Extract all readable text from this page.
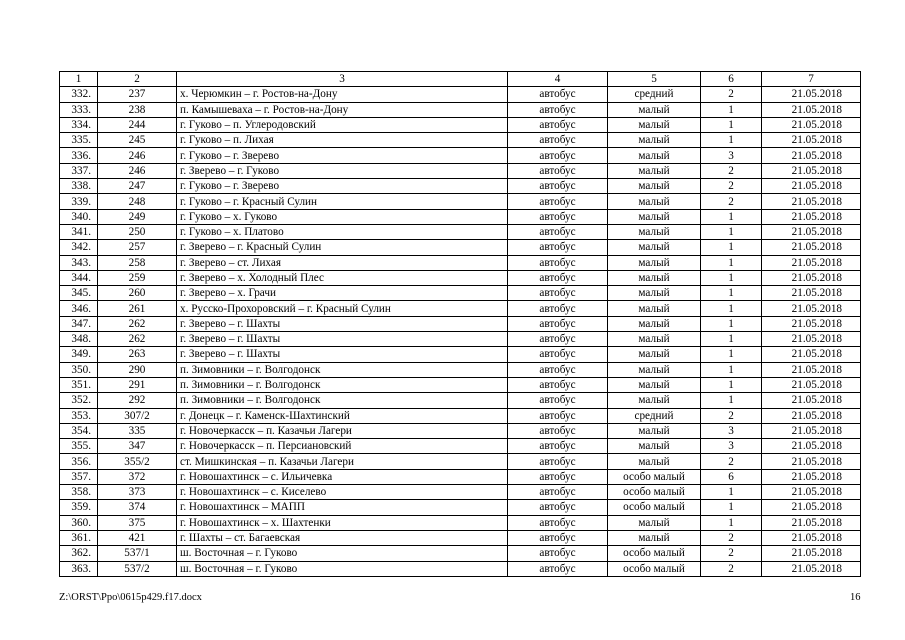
1	2	3	4	5	6	7
332.	237	х. Черюмкин – г. Ростов-на-Дону	автобус	средний	2	21.05.2018
333.	238	п. Камышеваха – г. Ростов-на-Дону	автобус	малый	1	21.05.2018
334.	244	г. Гуково – п. Углеродовский	автобус	малый	1	21.05.2018
335.	245	г. Гуково – п. Лихая	автобус	малый	1	21.05.2018
336.	246	г. Гуково – г. Зверево	автобус	малый	3	21.05.2018
337.	246	г. Зверево – г. Гуково	автобус	малый	2	21.05.2018
338.	247	г. Гуково – г. Зверево	автобус	малый	2	21.05.2018
339.	248	г. Гуково – г. Красный Сулин	автобус	малый	2	21.05.2018
340.	249	г. Гуково – х. Гуково	автобус	малый	1	21.05.2018
341.	250	г. Гуково – х. Платово	автобус	малый	1	21.05.2018
342.	257	г. Зверево – г. Красный Сулин	автобус	малый	1	21.05.2018
343.	258	г. Зверево – ст. Лихая	автобус	малый	1	21.05.2018
344.	259	г. Зверево – х. Холодный Плес	автобус	малый	1	21.05.2018
345.	260	г. Зверево – х. Грачи	автобус	малый	1	21.05.2018
346.	261	х. Русско-Прохоровский – г. Красный Сулин	автобус	малый	1	21.05.2018
347.	262	г. Зверево – г. Шахты	автобус	малый	1	21.05.2018
348.	262	г. Зверево – г. Шахты	автобус	малый	1	21.05.2018
349.	263	г. Зверево – г. Шахты	автобус	малый	1	21.05.2018
350.	290	п. Зимовники – г. Волгодонск	автобус	малый	1	21.05.2018
351.	291	п. Зимовники – г. Волгодонск	автобус	малый	1	21.05.2018
352.	292	п. Зимовники – г. Волгодонск	автобус	малый	1	21.05.2018
353.	307/2	г. Донецк – г. Каменск-Шахтинский	автобус	средний	2	21.05.2018
354.	335	г. Новочеркасск – п. Казачьи Лагери	автобус	малый	3	21.05.2018
355.	347	г. Новочеркасск – п. Персиановский	автобус	малый	3	21.05.2018
356.	355/2	ст. Мишкинская – п. Казачьи Лагери	автобус	малый	2	21.05.2018
357.	372	г. Новошахтинск – с. Ильичевка	автобус	особо малый	6	21.05.2018
358.	373	г. Новошахтинск – с. Киселево	автобус	особо малый	1	21.05.2018
359.	374	г. Новошахтинск – МАПП	автобус	особо малый	1	21.05.2018
360.	375	г. Новошахтинск – х. Шахтенки	автобус	малый	1	21.05.2018
361.	421	г. Шахты – ст. Багаевская	автобус	малый	2	21.05.2018
362.	537/1	ш. Восточная – г. Гуково	автобус	особо малый	2	21.05.2018
363.	537/2	ш. Восточная – г. Гуково	автобус	особо малый	2	21.05.2018
Z:\ORST\Ppo\0615p429.f17.docx	16
